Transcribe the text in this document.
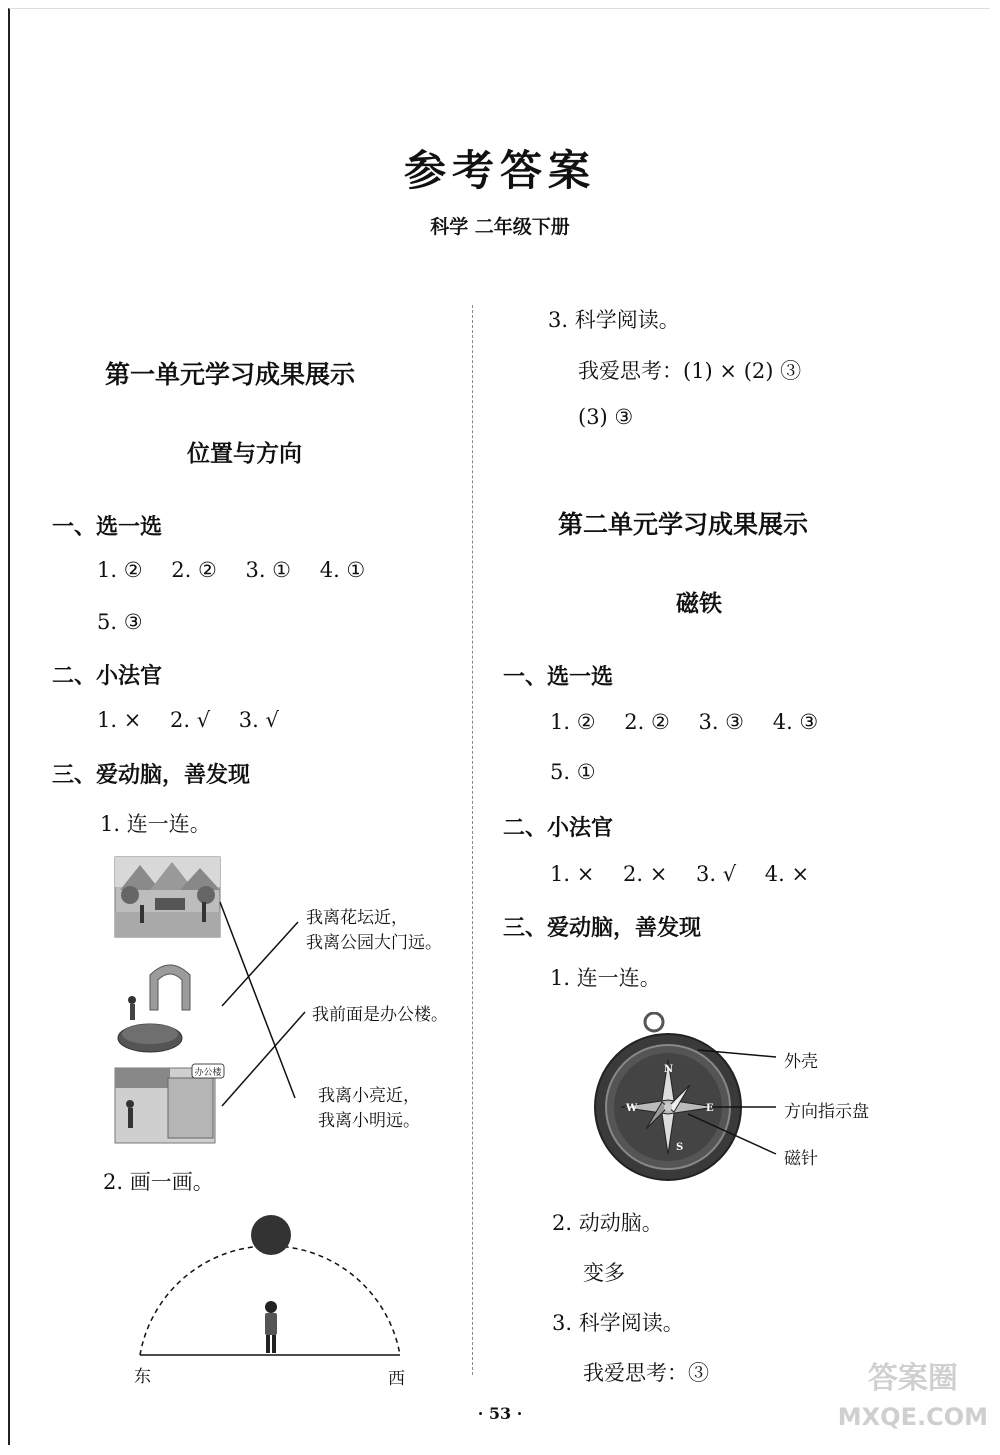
参考答案
科学 二年级下册
第一单元学习成果展示
位置与方向
一、选一选
1. ② 2. ② 3. ① 4. ①
5. ③
二、小法官
1. × 2. √ 3. √
三、爱动脑，善发现
1. 连一连。
办公楼
我离花坛近，
我离公园大门远。
我前面是办公楼。
我离小亮近，
我离小明远。
2. 画一画。
东	西
3. 科学阅读。
我爱思考：(1) × (2) ③
(3) ③
第二单元学习成果展示
磁铁
一、选一选
1. ② 2. ② 3. ③ 4. ③
5. ①
二、小法官
1. × 2. × 3. √ 4. ×
三、爱动脑，善发现
1. 连一连。
N
E
S
W
外壳
方向指示盘
磁针
2. 动动脑。
变多
3. 科学阅读。
我爱思考：③
· 53 ·
答案圈
MXQE.COM
